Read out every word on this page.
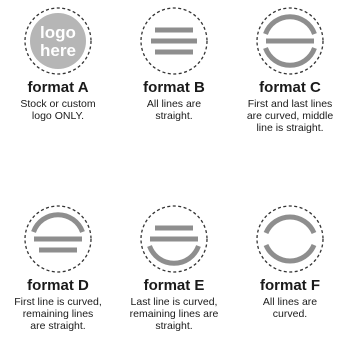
logo
here
format A
Stock or custom
logo ONLY.
format B
All lines are
straight.
format C
First and last lines
are curved, middle
line is straight.
format D
First line is curved,
remaining lines
are straight.
format E
Last line is curved,
remaining lines are
straight.
format F
All lines are
curved.
